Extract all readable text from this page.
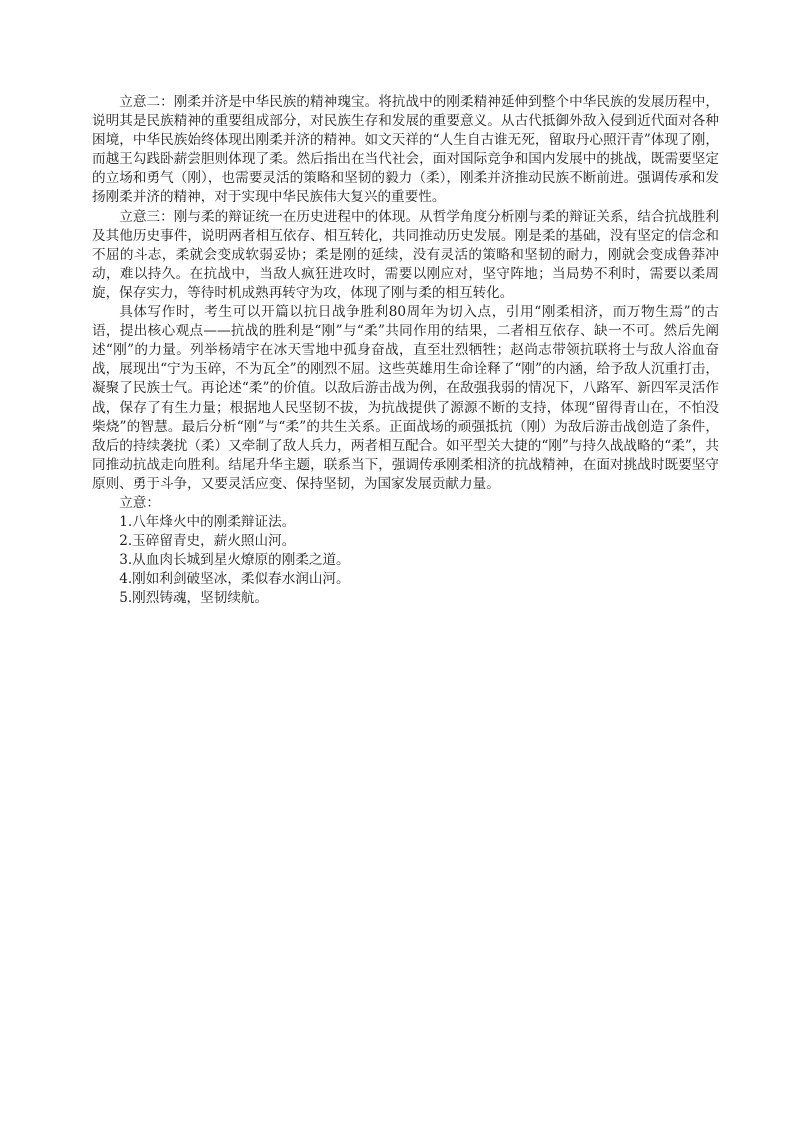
立意二：刚柔并济是中华民族的精神瑰宝。将抗战中的刚柔精神延伸到整个中华民族的发展历程中，说明其是民族精神的重要组成部分，对民族生存和发展的重要意义。从古代抵御外敌入侵到近代面对各种困境，中华民族始终体现出刚柔并济的精神。如文天祥的“人生自古谁无死，留取丹心照汗青”体现了刚，而越王勾践卧薪尝胆则体现了柔。然后指出在当代社会，面对国际竞争和国内发展中的挑战，既需要坚定的立场和勇气（刚），也需要灵活的策略和坚韧的毅力（柔），刚柔并济推动民族不断前进。强调传承和发扬刚柔并济的精神，对于实现中华民族伟大复兴的重要性。

立意三：刚与柔的辩证统一在历史进程中的体现。从哲学角度分析刚与柔的辩证关系，结合抗战胜利及其他历史事件，说明两者相互依存、相互转化，共同推动历史发展。刚是柔的基础，没有坚定的信念和不屈的斗志，柔就会变成软弱妥协；柔是刚的延续，没有灵活的策略和坚韧的耐力，刚就会变成鲁莽冲动，难以持久。在抗战中，当敌人疯狂进攻时，需要以刚应对，坚守阵地；当局势不利时，需要以柔周旋，保存实力，等待时机成熟再转守为攻，体现了刚与柔的相互转化。

具体写作时，考生可以开篇以抗日战争胜利80周年为切入点，引用“刚柔相济，而万物生焉”的古语，提出核心观点——抗战的胜利是“刚”与“柔”共同作用的结果，二者相互依存、缺一不可。然后先阐述“刚”的力量。列举杨靖宇在冰天雪地中孤身奋战，直至壮烈牺牲；赵尚志带领抗联将士与敌人浴血奋战，展现出“宁为玉碎，不为瓦全”的刚烈不屈。这些英雄用生命诠释了“刚”的内涵，给予敌人沉重打击，凝聚了民族士气。再论述“柔”的价值。以敌后游击战为例，在敌强我弱的情况下，八路军、新四军灵活作战，保存了有生力量；根据地人民坚韧不拔，为抗战提供了源源不断的支持，体现“留得青山在，不怕没柴烧”的智慧。最后分析“刚”与“柔”的共生关系。正面战场的顽强抵抗（刚）为敌后游击战创造了条件，敌后的持续袭扰（柔）又牵制了敌人兵力，两者相互配合。如平型关大捷的“刚”与持久战战略的“柔”，共同推动抗战走向胜利。结尾升华主题，联系当下，强调传承刚柔相济的抗战精神，在面对挑战时既要坚守原则、勇于斗争，又要灵活应变、保持坚韧，为国家发展贡献力量。

立意：

1.八年烽火中的刚柔辩证法。

2.玉碎留青史，薪火照山河。

3.从血肉长城到星火燎原的刚柔之道。

4.刚如利剑破坚冰，柔似春水润山河。

5.刚烈铸魂，坚韧续航。
